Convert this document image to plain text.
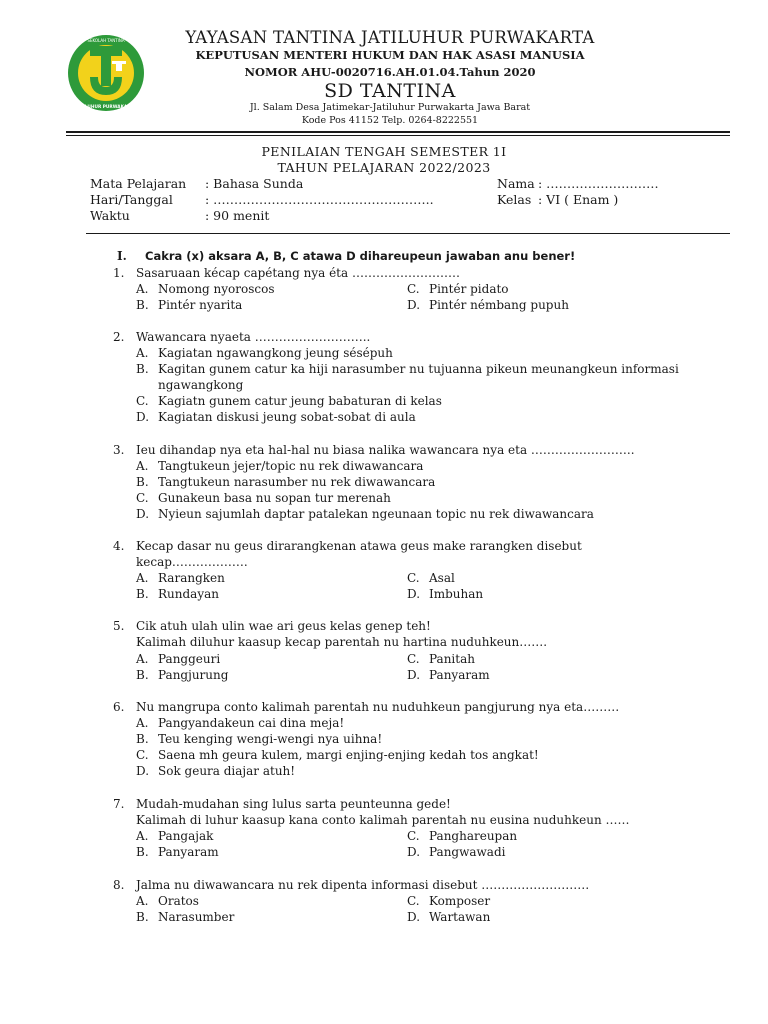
SEKOLAH TANTINA
JATILUHUR PURWAKARTA
YAYASAN TANTINA JATILUHUR PURWAKARTA
KEPUTUSAN MENTERI HUKUM DAN HAK ASASI MANUSIA
NOMOR AHU-0020716.AH.01.04.Tahun 2020
SD TANTINA
Jl. Salam Desa Jatimekar-Jatiluhur Purwakarta Jawa Barat
Kode Pos 41152 Telp. 0264-8222551
PENILAIAN TENGAH SEMESTER 1I
TAHUN PELAJARAN 2022/2023
Mata Pelajaran : Bahasa Sunda
Hari/Tanggal	: ……………………………………………..
Waktu	: 90 menit
Nama : ………………………
Kelas : VI ( Enam )
I. Cakra (x) aksara A, B, C atawa D dihareupeun jawaban anu bener!
1. Sasaruaan kécap capétang nya éta ………………………
A. Nomong nyoroscos
B. Pintér nyarita
C. Pintér pidato
D. Pintér némbang pupuh
2. Wawancara nyaeta ………………………..
A. Kagiatan ngawangkong jeung sésépuh
B. Kagitan gunem catur ka hiji narasumber nu tujuanna pikeun meunangkeun informasi
ngawangkong
C. Kagiatn gunem catur jeung babaturan di kelas
D. Kagiatan diskusi jeung sobat-sobat di aula
3. Ieu dihandap nya eta hal-hal nu biasa nalika wawancara nya eta ……………………..
A. Tangtukeun jejer/topic nu rek diwawancara
B. Tangtukeun narasumber nu rek diwawancara
C. Gunakeun basa nu sopan tur merenah
D. Nyieun sajumlah daptar patalekan ngeunaan topic nu rek diwawancara
4. Kecap dasar nu geus dirarangkenan atawa geus make rarangken disebut
kecap……………….
A. Rarangken
B. Rundayan
C. Asal
D. Imbuhan
5. Cik atuh ulah ulin wae ari geus kelas genep teh!
Kalimah diluhur kaasup kecap parentah nu hartina nuduhkeun…….
A. Panggeuri
B. Pangjurung
C. Panitah
D. Panyaram
6. Nu mangrupa conto kalimah parentah nu nuduhkeun pangjurung nya eta………
A. Pangyandakeun cai dina meja!
B. Teu kenging wengi-wengi nya uihna!
C. Saena mh geura kulem, margi enjing-enjing kedah tos angkat!
D. Sok geura diajar atuh!
7. Mudah-mudahan sing lulus sarta peunteunna gede!
Kalimah di luhur kaasup kana conto kalimah parentah nu eusina nuduhkeun ……
A. Pangajak
B. Panyaram
C. Panghareupan
D. Pangwawadi
8. Jalma nu diwawancara nu rek dipenta informasi disebut ………………………
A. Oratos
B. Narasumber
C. Komposer
D. Wartawan
